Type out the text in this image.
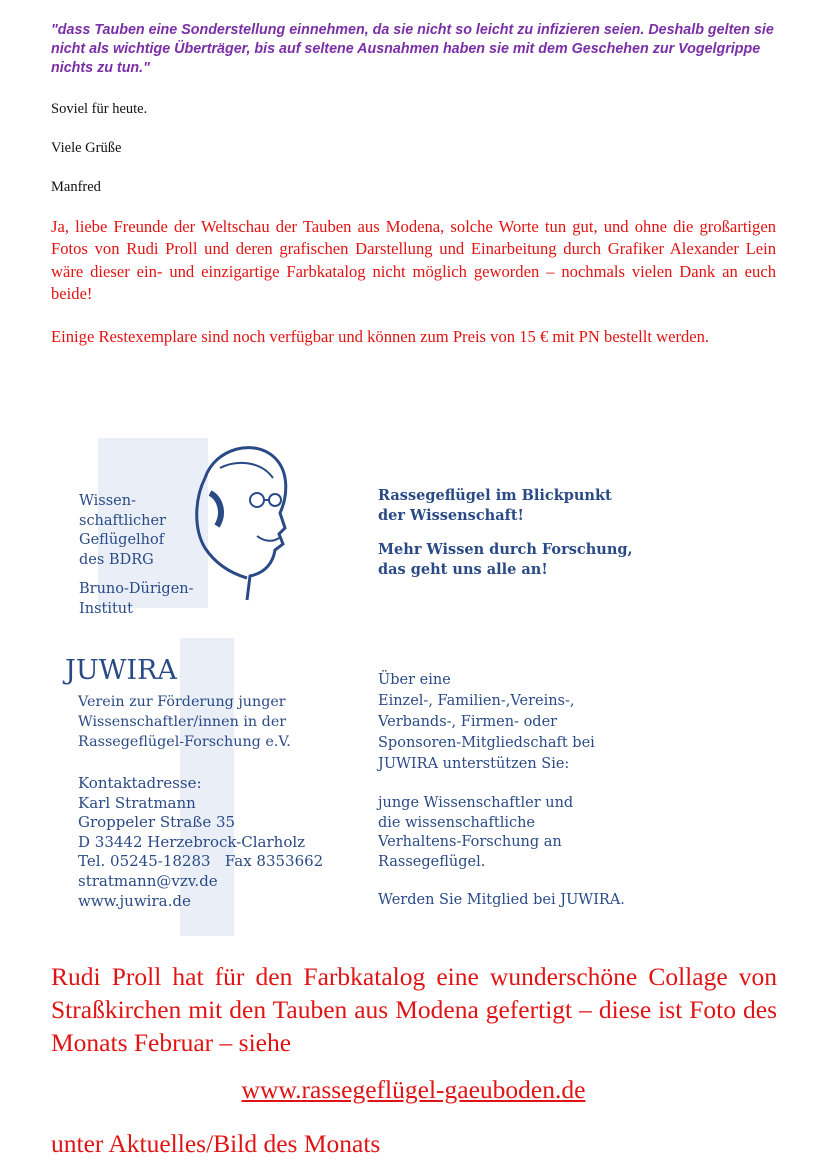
"dass Tauben eine Sonderstellung einnehmen, da sie nicht so leicht zu infizieren seien. Deshalb gelten sie nicht als wichtige Überträger, bis auf seltene Ausnahmen haben sie mit dem Geschehen zur Vogelgrippe nichts zu tun."

Soviel für heute.

Viele Grüße

Manfred

Ja, liebe Freunde der Weltschau der Tauben aus Modena, solche Worte tun gut, und ohne die großartigen Fotos von Rudi Proll und deren grafischen Darstellung und Einarbeitung durch Grafiker Alexander Lein wäre dieser ein- und einzigartige Farbkatalog nicht möglich geworden – nochmals vielen Dank an euch beide!

Einige Restexemplare sind noch verfügbar und können zum Preis von 15 € mit PN bestellt werden.

Wissen-
schaftlicher
Geflügelhof
des BDRG
Bruno-Dürigen-
Institut
Rassegeflügel im Blickpunkt
der Wissenschaft!
Mehr Wissen durch Forschung,
das geht uns alle an!
JUWIRA
Verein zur Förderung junger
Wissenschaftler/innen in der
Rassegeflügel-Forschung e.V.
Kontaktadresse:
Karl Stratmann
Groppeler Straße 35
D 33442 Herzebrock-Clarholz
Tel. 05245-18283   Fax 8353662
stratmann@vzv.de
www.juwira.de
Über eine
Einzel-, Familien-,Vereins-,
Verbands-, Firmen- oder
Sponsoren-Mitgliedschaft bei
JUWIRA unterstützen Sie:
junge Wissenschaftler und
die wissenschaftliche
Verhaltens-Forschung an
Rassegeflügel.
Werden Sie Mitglied bei JUWIRA.

Rudi Proll hat für den Farbkatalog eine wunderschöne Collage von Straßkirchen mit den Tauben aus Modena gefertigt – diese ist Foto des Monats Februar – siehe

www.rassegeflügel-gaeuboden.de

unter Aktuelles/Bild des Monats
